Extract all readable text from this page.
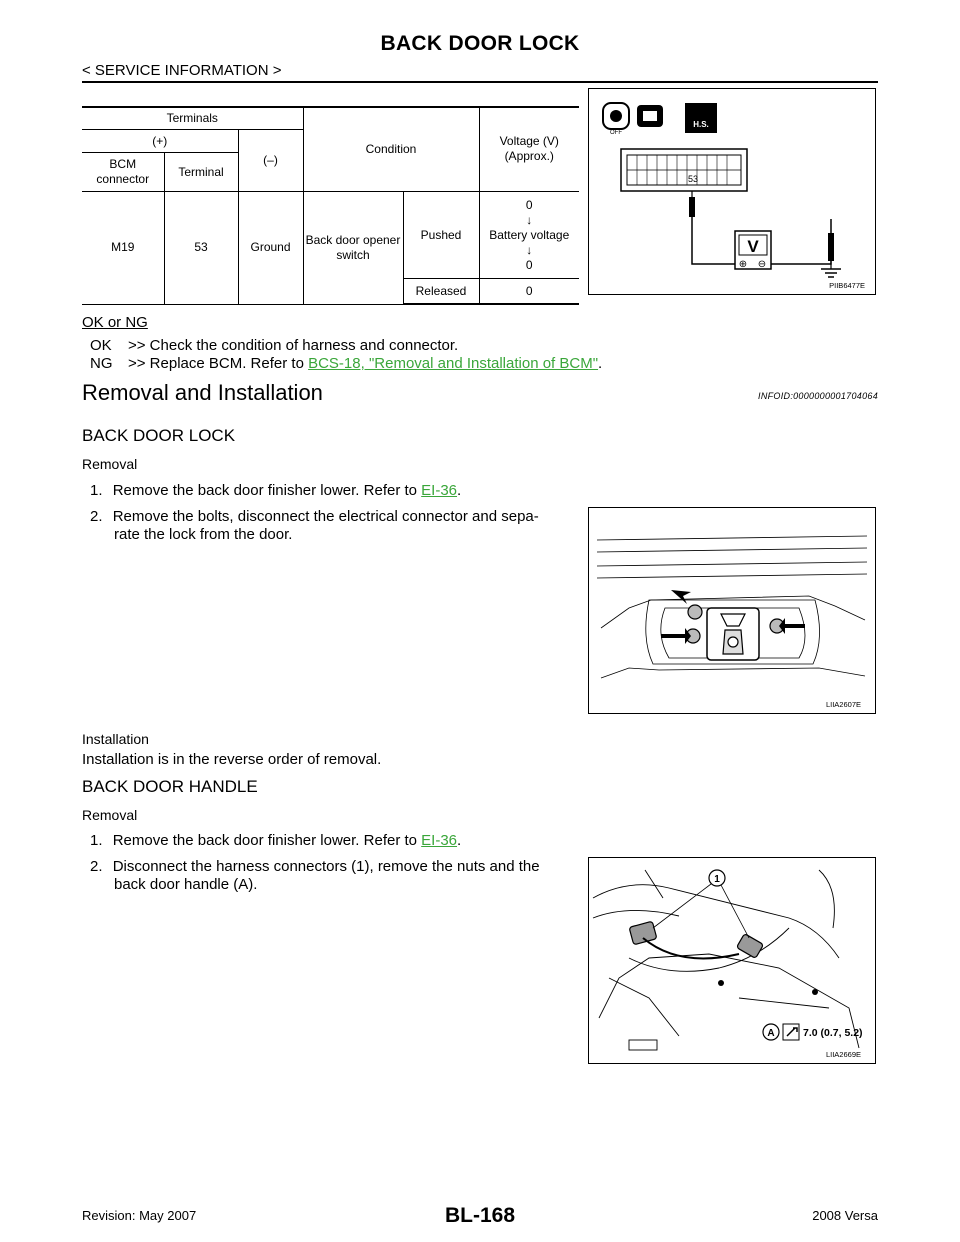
BACK DOOR LOCK
< SERVICE INFORMATION >
Terminals			Condition		Voltage (V) (Approx.)
(+)		(–)			
BCM connector	Terminal				
M19	53	Ground	Back door opener switch	Pushed	0
↓
Battery voltage
↓
0

				Released	0
OFF
H.S.
53
V
⊕ ⊖
PIIB6477E
OK or NG
OK >> Check the condition of harness and connector.
NG >> Replace BCM. Refer to BCS-18, "Removal and Installation of BCM".
Removal and Installation	INFOID:0000000001704064
BACK DOOR LOCK
Removal
1. Remove the back door finisher lower. Refer to EI-36.
2. Remove the bolts, disconnect the electrical connector and sepa-
rate the lock from the door.
LIIA2607E
Installation
Installation is in the reverse order of removal.
BACK DOOR HANDLE
Removal
1. Remove the back door finisher lower. Refer to EI-36.
2. Disconnect the harness connectors (1), remove the nuts and the
back door handle (A).	1
A	7.0 (0.7, 5.2)
LIIA2669E
Revision: May 2007	BL-168	2008 Versa
